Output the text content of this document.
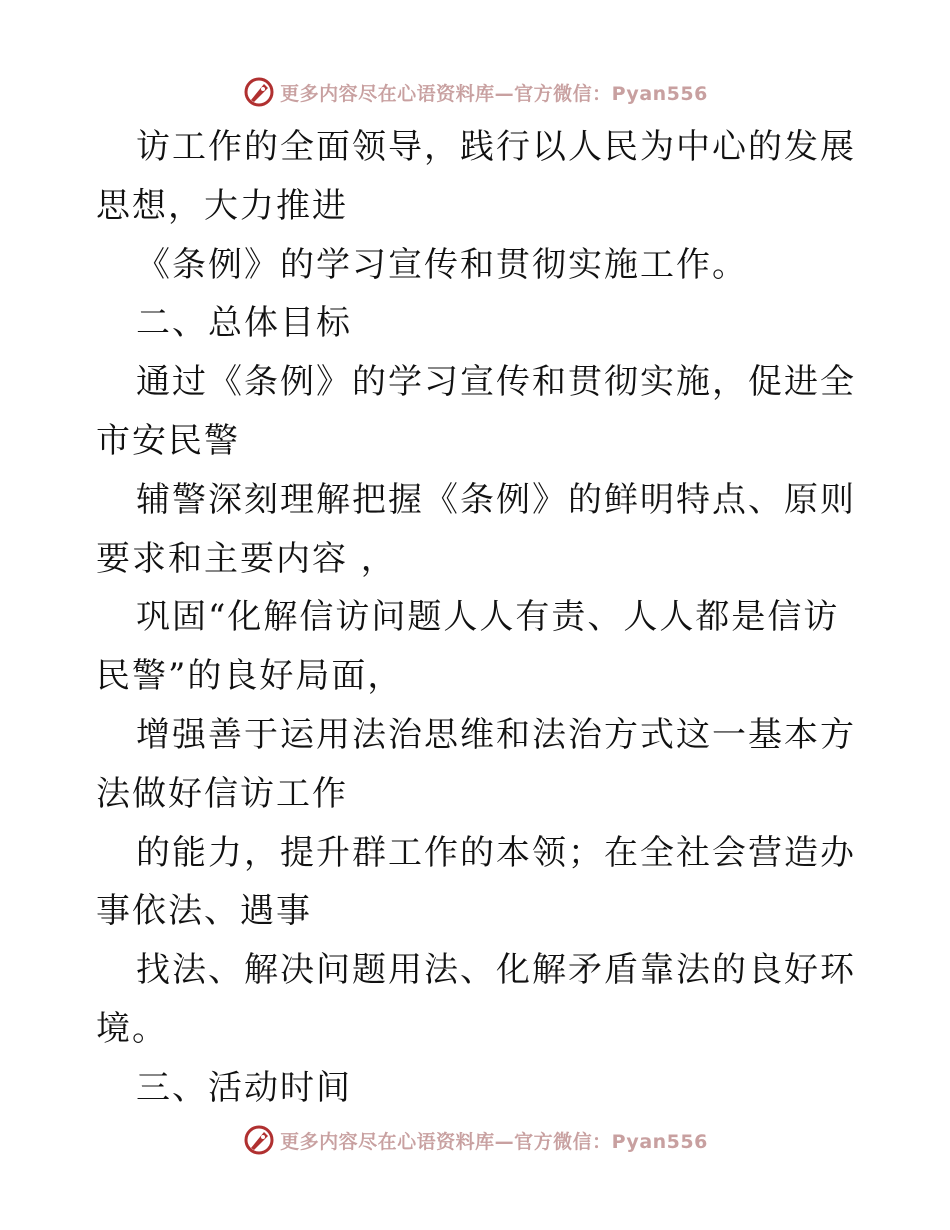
更多内容尽在心语资料库—官方微信：Pyan556

访工作的全面领导，践行以人民为中心的发展思想，大力推进

《条例》的学习宣传和贯彻实施工作。

二、总体目标

通过《条例》的学习宣传和贯彻实施，促进全市安民警

辅警深刻理解把握《条例》的鲜明特点、原则要求和主要内容 ，

巩固“化解信访问题人人有责、人人都是信访民警”的良好局面，

增强善于运用法治思维和法治方式这一基本方法做好信访工作

的能力，提升群工作的本领；在全社会营造办事依法、遇事

找法、解决问题用法、化解矛盾靠法的良好环境。

三、活动时间

更多内容尽在心语资料库—官方微信：Pyan556
